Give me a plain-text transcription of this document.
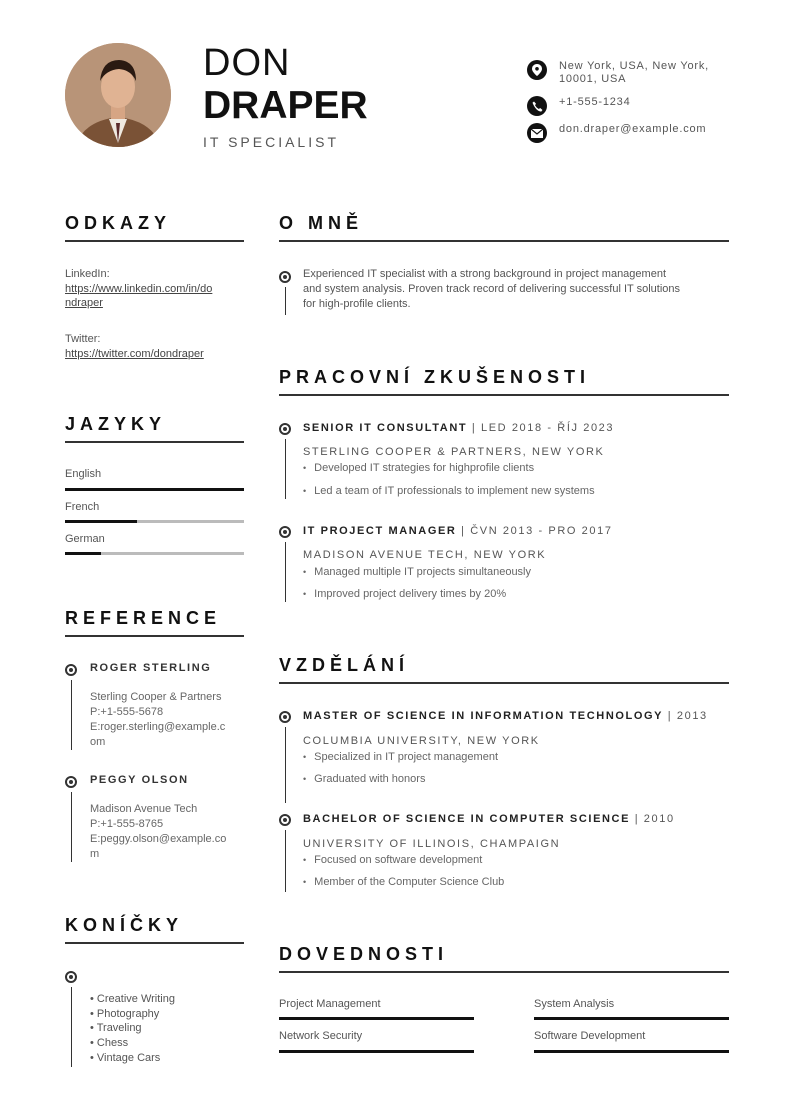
DON
DRAPER
IT SPECIALIST
New York, USA, New York,
10001, USA
+1-555-1234
don.draper@example.com
ODKAZY
LinkedIn:
https://www.linkedin.com/in/do
ndraper
Twitter:
https://twitter.com/dondraper
JAZYKY
English
French
German
REFERENCE
ROGER STERLING
Sterling Cooper & Partners
P:+1-555-5678
E:roger.sterling@example.c
om
PEGGY OLSON
Madison Avenue Tech
P:+1-555-8765
E:peggy.olson@example.co
m
KONÍČKY
• Creative Writing
• Photography
• Traveling
• Chess
• Vintage Cars
O MNĚ
Experienced IT specialist with a strong background in project management
and system analysis. Proven track record of delivering successful IT solutions
for high-profile clients.
PRACOVNÍ ZKUŠENOSTI
SENIOR IT CONSULTANT | LED 2018 - ŘÍJ 2023
STERLING COOPER & PARTNERS, NEW YORK
• Developed IT strategies for highprofile clients
• Led a team of IT professionals to implement new systems
IT PROJECT MANAGER | ČVN 2013 - PRO 2017
MADISON AVENUE TECH, NEW YORK
• Managed multiple IT projects simultaneously
• Improved project delivery times by 20%
VZDĚLÁNÍ
MASTER OF SCIENCE IN INFORMATION TECHNOLOGY | 2013
COLUMBIA UNIVERSITY, NEW YORK
• Specialized in IT project management
• Graduated with honors
BACHELOR OF SCIENCE IN COMPUTER SCIENCE | 2010
UNIVERSITY OF ILLINOIS, CHAMPAIGN
• Focused on software development
• Member of the Computer Science Club
DOVEDNOSTI
Project Management	System Analysis
Network Security	Software Development
